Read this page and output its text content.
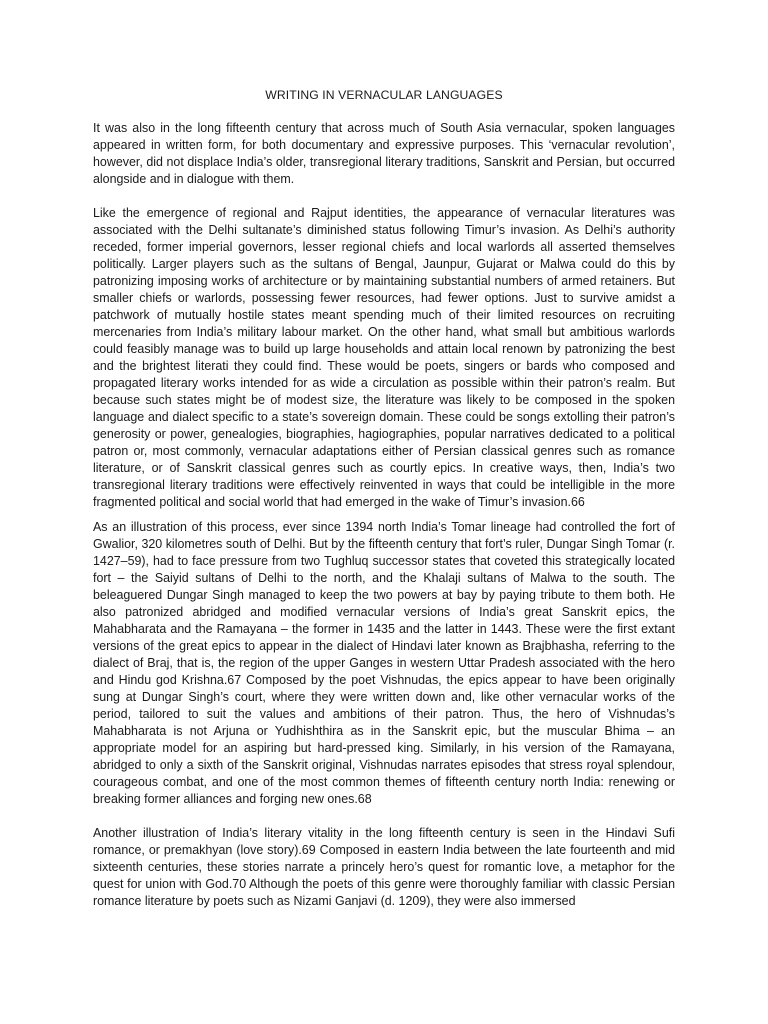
WRITING IN VERNACULAR LANGUAGES

It was also in the long fifteenth century that across much of South Asia vernacular, spoken languages appeared in written form, for both documentary and expressive purposes. This ‘vernacular revolution’, however, did not displace India’s older, transregional literary traditions, Sanskrit and Persian, but occurred alongside and in dialogue with them.

Like the emergence of regional and Rajput identities, the appearance of vernacular literatures was associated with the Delhi sultanate’s diminished status following Timur’s invasion. As Delhi’s authority receded, former imperial governors, lesser regional chiefs and local warlords all asserted themselves politically. Larger players such as the sultans of Bengal, Jaunpur, Gujarat or Malwa could do this by patronizing imposing works of architecture or by maintaining substantial numbers of armed retainers. But smaller chiefs or warlords, possessing fewer resources, had fewer options. Just to survive amidst a patchwork of mutually hostile states meant spending much of their limited resources on recruiting mercenaries from India’s military labour market. On the other hand, what small but ambitious warlords could feasibly manage was to build up large households and attain local renown by patronizing the best and the brightest literati they could find. These would be poets, singers or bards who composed and propagated literary works intended for as wide a circulation as possible within their patron’s realm. But because such states might be of modest size, the literature was likely to be composed in the spoken language and dialect specific to a state’s sovereign domain. These could be songs extolling their patron’s generosity or power, genealogies, biographies, hagiographies, popular narratives dedicated to a political patron or, most commonly, vernacular adaptations either of Persian classical genres such as romance literature, or of Sanskrit classical genres such as courtly epics. In creative ways, then, India’s two transregional literary traditions were effectively reinvented in ways that could be intelligible in the more fragmented political and social world that had emerged in the wake of Timur’s invasion.66

As an illustration of this process, ever since 1394 north India’s Tomar lineage had controlled the fort of Gwalior, 320 kilometres south of Delhi. But by the fifteenth century that fort’s ruler, Dungar Singh Tomar (r. 1427–59), had to face pressure from two Tughluq successor states that coveted this strategically located fort – the Saiyid sultans of Delhi to the north, and the Khalaji sultans of Malwa to the south. The beleaguered Dungar Singh managed to keep the two powers at bay by paying tribute to them both. He also patronized abridged and modified vernacular versions of India’s great Sanskrit epics, the Mahabharata and the Ramayana – the former in 1435 and the latter in 1443. These were the first extant versions of the great epics to appear in the dialect of Hindavi later known as Brajbhasha, referring to the dialect of Braj, that is, the region of the upper Ganges in western Uttar Pradesh associated with the hero and Hindu god Krishna.67 Composed by the poet Vishnudas, the epics appear to have been originally sung at Dungar Singh’s court, where they were written down and, like other vernacular works of the period, tailored to suit the values and ambitions of their patron. Thus, the hero of Vishnudas’s Mahabharata is not Arjuna or Yudhishthira as in the Sanskrit epic, but the muscular Bhima – an appropriate model for an aspiring but hard-pressed king. Similarly, in his version of the Ramayana, abridged to only a sixth of the Sanskrit original, Vishnudas narrates episodes that stress royal splendour, courageous combat, and one of the most common themes of fifteenth century north India: renewing or breaking former alliances and forging new ones.68

Another illustration of India’s literary vitality in the long fifteenth century is seen in the Hindavi Sufi romance, or premakhyan (love story).69 Composed in eastern India between the late fourteenth and mid sixteenth centuries, these stories narrate a princely hero’s quest for romantic love, a metaphor for the quest for union with God.70 Although the poets of this genre were thoroughly familiar with classic Persian romance literature by poets such as Nizami Ganjavi (d. 1209), they were also immersed
